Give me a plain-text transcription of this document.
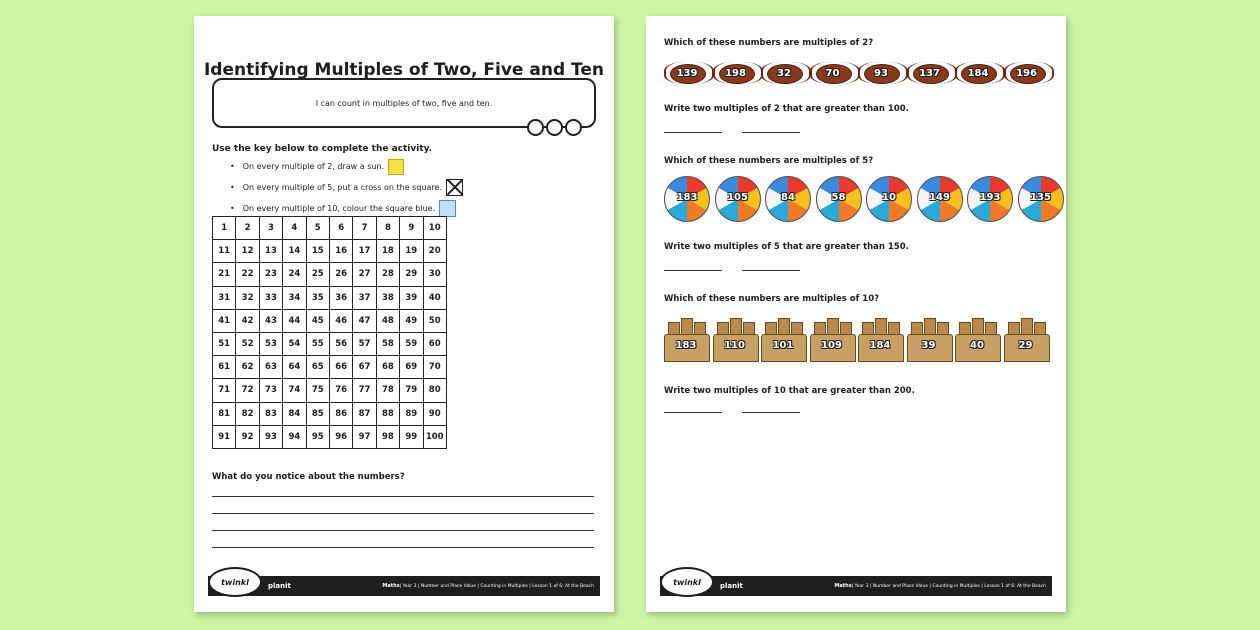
Identifying Multiples of Two, Five and Ten
I can count in multiples of two, five and ten.
Use the key below to complete the activity.
• On every multiple of 2, draw a sun.
• On every multiple of 5, put a cross on the square.
• On every multiple of 10, colour the square blue.
1	2	3	4	5	6	7	8	9	10
11	12	13	14	15	16	17	18	19	20
21	22	23	24	25	26	27	28	29	30
31	32	33	34	35	36	37	38	39	40
41	42	43	44	45	46	47	48	49	50
51	52	53	54	55	56	57	58	59	60
61	62	63	64	65	66	67	68	69	70
71	72	73	74	75	76	77	78	79	80
81	82	83	84	85	86	87	88	89	90
91	92	93	94	95	96	97	98	99	100
What do you notice about the numbers?
twinkl	planit	Maths| Year 3 | Number and Place Value | Counting in Multiples | Lesson 1 of 6: At the Beach
Which of these numbers are multiples of 2?
139	198	32	70	93	137	184	196
Write two multiples of 2 that are greater than 100.
Which of these numbers are multiples of 5?
183	105	84	58	10	149	193	135
Write two multiples of 5 that are greater than 150.
Which of these numbers are multiples of 10?
183	110	101	109	184	39	40	29
Write two multiples of 10 that are greater than 200.
twinkl	planit	Maths| Year 3 | Number and Place Value | Counting in Multiples | Lesson 1 of 6: At the Beach
